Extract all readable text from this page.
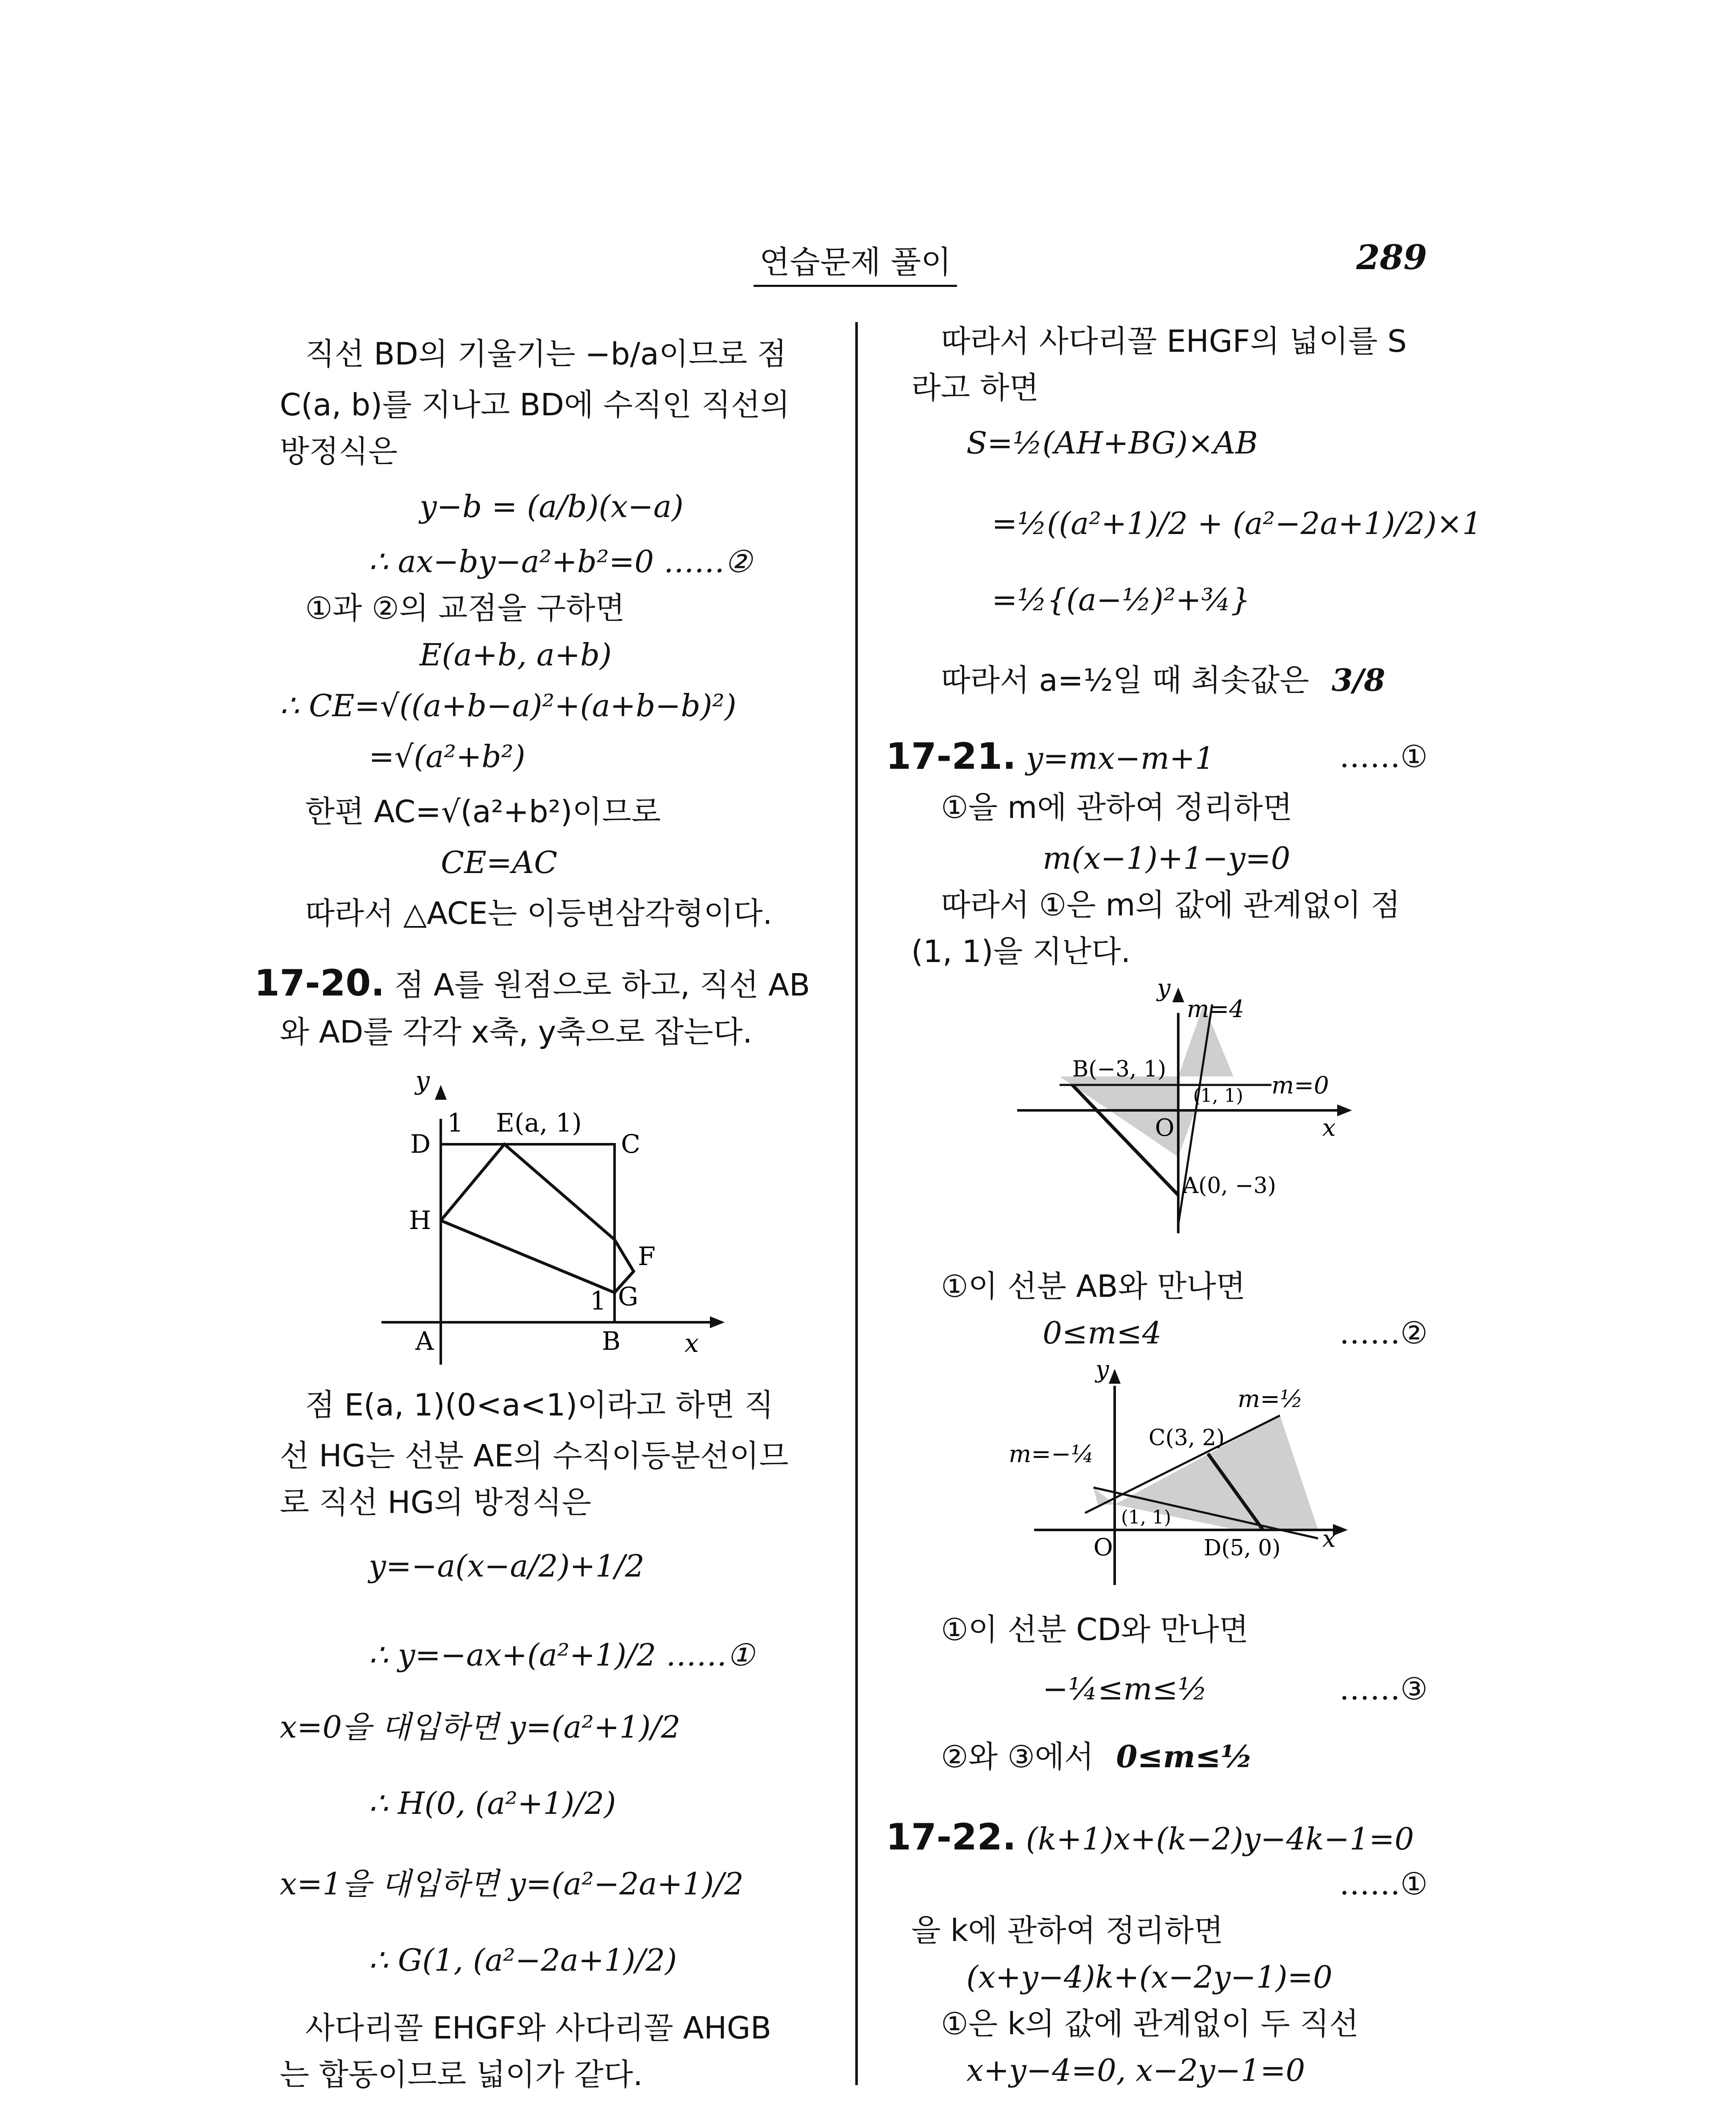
연습문제 풀이	289
직선 BD의 기울기는 −b/a이므로 점
C(a, b)를 지나고 BD에 수직인 직선의
방정식은
y−b = (a/b)(x−a)
∴ ax−by−a²+b²=0 ……②
①과 ②의 교점을 구하면
E(a+b, a+b)
∴ CE=√((a+b−a)²+(a+b−b)²)
=√(a²+b²)
한편 AC=√(a²+b²)이므로
CE=AC
따라서 △ACE는 이등변삼각형이다.
17-20. 점 A를 원점으로 하고, 직선 AB
와 AD를 각각 x축, y축으로 잡는다.
y
x
1 E(a, 1)
C
D
H
F
G
1
A	B
점 E(a, 1)(0<a<1)이라고 하면 직
선 HG는 선분 AE의 수직이등분선이므
로 직선 HG의 방정식은
y=−a(x−a/2)+1/2
∴ y=−ax+(a²+1)/2 ……①
x=0을 대입하면 y=(a²+1)/2
∴ H(0, (a²+1)/2)
x=1을 대입하면 y=(a²−2a+1)/2
∴ G(1, (a²−2a+1)/2)
사다리꼴 EHGF와 사다리꼴 AHGB
는 합동이므로 넓이가 같다.
따라서 사다리꼴 EHGF의 넓이를 S
라고 하면
S=½(AH+BG)×AB
=½((a²+1)/2 + (a²−2a+1)/2)×1
=½{(a−½)²+¾}
따라서 a=½일 때 최솟값은 3/8
17-21. y=mx−m+1	……①
①을 m에 관하여 정리하면
m(x−1)+1−y=0
따라서 ①은 m의 값에 관계없이 점
(1, 1)을 지난다.
y
x
m=4
m=0
B(−3, 1)
(1, 1)
O
A(0, −3)
①이 선분 AB와 만나면
0≤m≤4	……②
y
x
m=½
m=−¼
C(3, 2)
(1, 1)
O	D(5, 0)
①이 선분 CD와 만나면
−¼≤m≤½	……③
②와 ③에서 0≤m≤½
17-22. (k+1)x+(k−2)y−4k−1=0
……①
을 k에 관하여 정리하면
(x+y−4)k+(x−2y−1)=0
①은 k의 값에 관계없이 두 직선
x+y−4=0, x−2y−1=0
